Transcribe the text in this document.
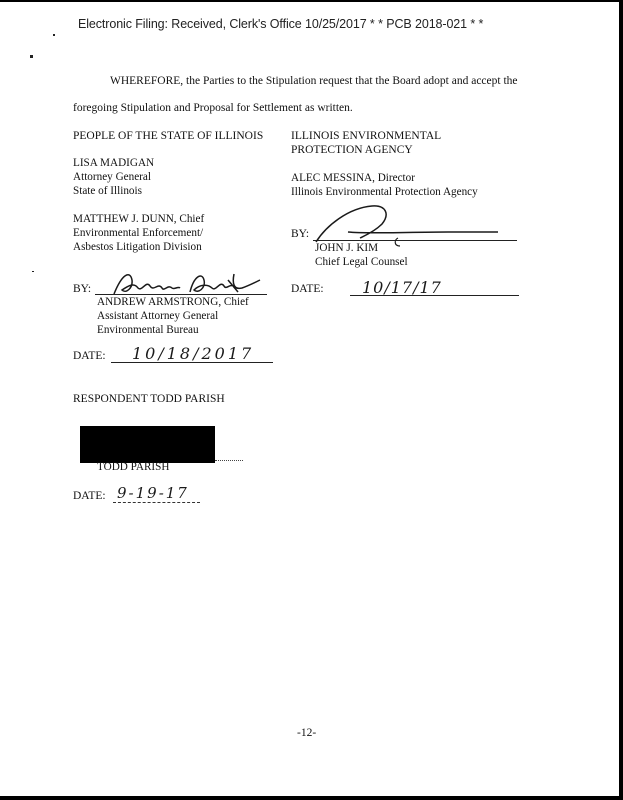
Electronic Filing: Received, Clerk's Office 10/25/2017 * * PCB 2018-021 * *
WHEREFORE, the Parties to the Stipulation request that the Board adopt and accept the
foregoing Stipulation and Proposal for Settlement as written.
PEOPLE OF THE STATE OF ILLINOIS
LISA MADIGAN
Attorney General
State of Illinois
MATTHEW J. DUNN, Chief
Environmental Enforcement/
Asbestos Litigation Division
BY:
ANDREW ARMSTRONG, Chief
Assistant Attorney General
Environmental Bureau
DATE: 10/18/2017
ILLINOIS ENVIRONMENTAL
PROTECTION AGENCY
ALEC MESSINA, Director
Illinois Environmental Protection Agency
BY:
JOHN J. KIM
Chief Legal Counsel
DATE: 10/17/17
RESPONDENT TODD PARISH
TODD PARISH
DATE: 9-19-17
-12-
